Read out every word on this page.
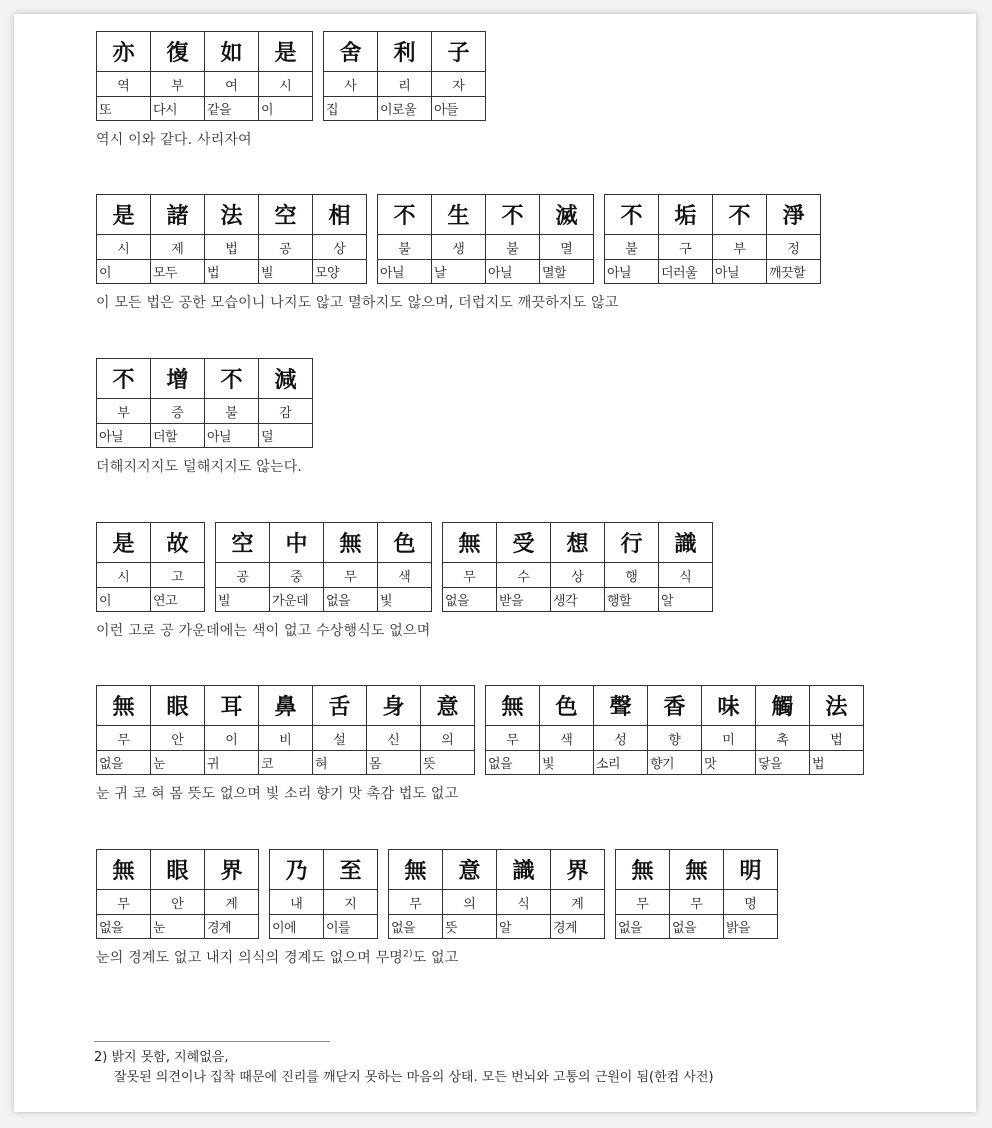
亦	復	如	是
역	부	여	시
또	다시	같을	이
舍	利	子
사	리	자
집	이로울	아들
역시 이와 같다. 사리자여
是	諸	法	空	相
시	제	법	공	상
이	모두	법	빌	모양
不	生	不	滅
불	생	불	멸
아닐	날	아닐	멸할
不	垢	不	淨
불	구	부	정
아닐	더러울	아닐	깨끗할
이 모든 법은 공한 모습이니 나지도 않고 멸하지도 않으며, 더럽지도 깨끗하지도 않고
不	增	不	減
부	증	불	감
아닐	더할	아닐	덜
더해지지지도 덜해지지도 않는다.
是	故
시	고
이	연고
空	中	無	色
공	중	무	색
빌	가운데	없을	빛
無	受	想	行	識
무	수	상	행	식
없을	받을	생각	행할	알
이런 고로 공 가운데에는 색이 없고 수상행식도 없으며
無	眼	耳	鼻	舌	身	意
무	안	이	비	설	신	의
없을	눈	귀	코	혀	몸	뜻
無	色	聲	香	味	觸	法
무	색	성	향	미	촉	법
없을	빛	소리	향기	맛	닿을	법
눈 귀 코 혀 몸 뜻도 없으며 빛 소리 향기 맛 촉감 법도 없고
無	眼	界
무	안	계
없을	눈	경계
乃	至
내	지
이에	이를
無	意	識	界
무	의	식	계
없을	뜻	알	경계
無	無	明
무	무	명
없을	없을	밝을
눈의 경계도 없고 내지 의식의 경계도 없으며 무명$^{2)}$도 없고
2) 밝지 못함, 지혜없음,
잘못된 의견이나 집착 때문에 진리를 깨닫지 못하는 마음의 상태. 모든 번뇌와 고통의 근원이 됨(한컴 사전)
